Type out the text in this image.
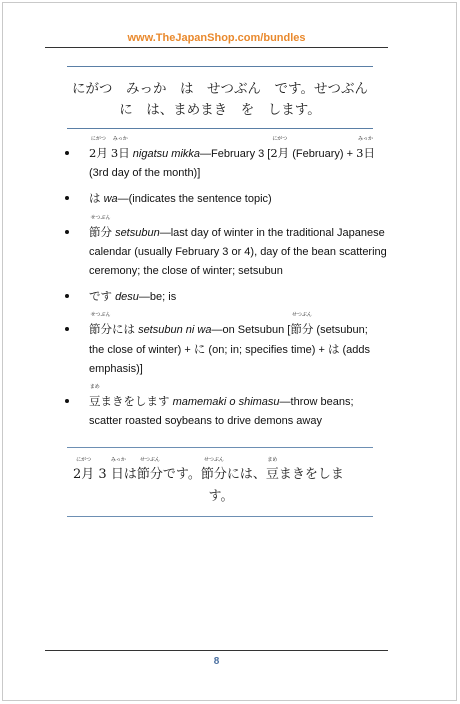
www.TheJapanShop.com/bundles
にがつ　みっか　は　せつぶん　です。せつぶん
に　は、まめまき　を　します。
にがつ
2月
みっか
3日 nigatsu mikka—February 3 [
にがつ
2月 (February) +
みっか
3日
(3rd day of the month)]
は wa—(indicates the sentence topic)
せつぶん
節分 setsubun—last day of winter in the traditional Japanese
calendar (usually February 3 or 4), day of the bean scattering
ceremony; the close of winter; setsubun
です desu—be; is
せつぶん
節分には setsubun ni wa—on Setsubun [
せつぶん
節分 (setsubun;
the close of winter) + に (on; in; specifies time) + は (adds
emphasis)]
まめ
豆まきをします mamemaki o shimasu—throw beans;
scatter roasted soybeans to drive demons away
にがつ
2月 3
みっか
日は
せつぶん
節分です。
せつぶん
節分には、
まめ
豆まきをしま
す。
8
